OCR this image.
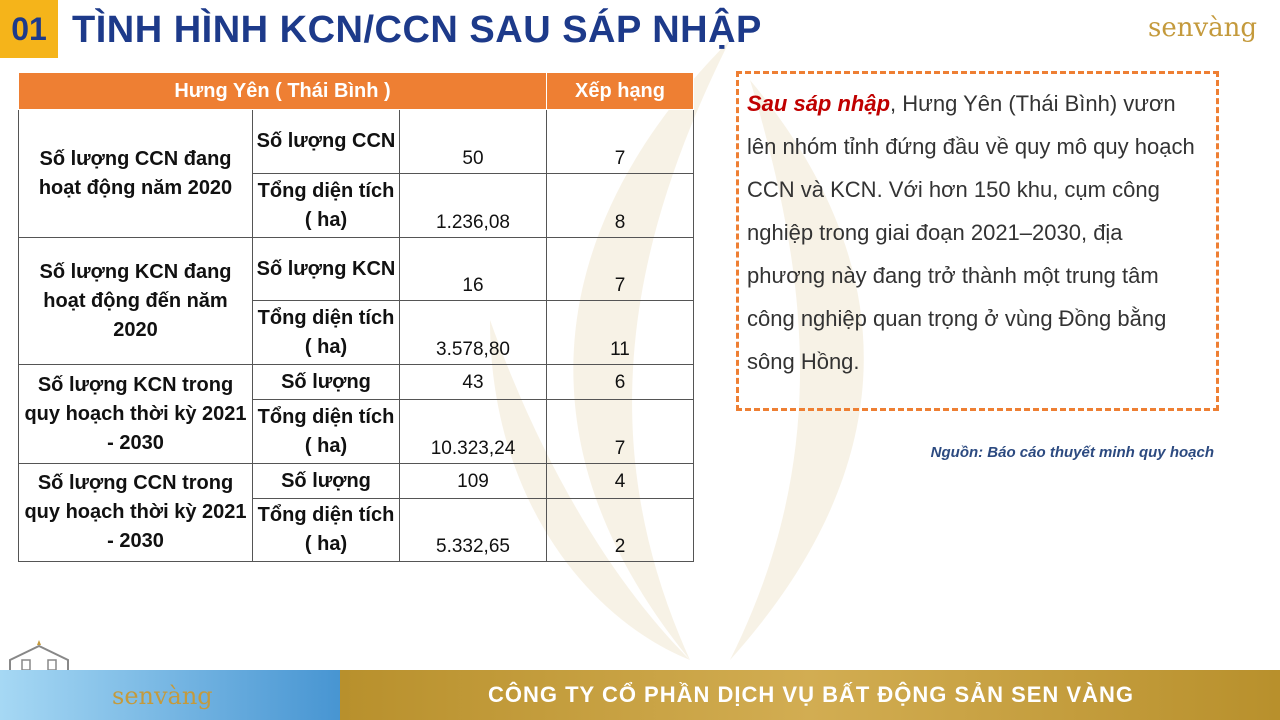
01 TÌNH HÌNH KCN/CCN SAU SÁP NHẬP	senvàng
Hưng Yên ( Thái Bình )			Xếp hạng
Số lượng CCN đang hoạt động năm 2020	Số lượng CCN	50	7
	Tổng diện tích ( ha)	1.236,08	8
Số lượng KCN đang hoạt động đến năm 2020	Số lượng KCN	16	7
	Tổng diện tích ( ha)	3.578,80	11
Số lượng KCN trong quy hoạch thời kỳ 2021 - 2030	Số lượng	43	6
	Tổng diện tích ( ha)	10.323,24	7
Số lượng CCN trong quy hoạch thời kỳ 2021 - 2030	Số lượng	109	4
	Tổng diện tích ( ha)	5.332,65	2
Sau sáp nhập, Hưng Yên (Thái Bình) vươn lên nhóm tỉnh đứng đầu về quy mô quy hoạch CCN và KCN. Với hơn 150 khu, cụm công nghiệp trong giai đoạn 2021–2030, địa phương này đang trở thành một trung tâm công nghiệp quan trọng ở vùng Đồng bằng sông Hồng.
Nguồn: Báo cáo thuyết minh quy hoạch
senvàng	CÔNG TY CỔ PHẦN DỊCH VỤ BẤT ĐỘNG SẢN SEN VÀNG
